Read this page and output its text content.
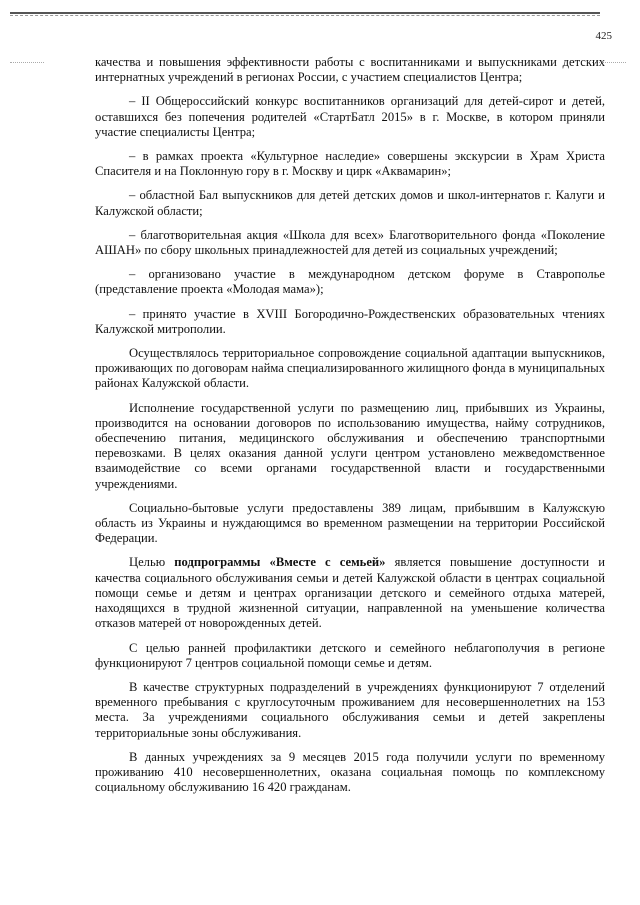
425

качества и повышения эффективности работы с воспитанниками и выпускниками детских интернатных учреждений в регионах России, с участием специалистов Центра;

– II Общероссийский конкурс воспитанников организаций для детей-сирот и детей, оставшихся без попечения родителей «СтартБатл 2015» в г. Москве, в котором приняли участие специалисты Центра;

– в рамках проекта «Культурное наследие» совершены экскурсии в Храм Христа Спасителя и на Поклонную гору в г. Москву и цирк «Аквамарин»;

– областной Бал выпускников для детей детских домов и школ-интернатов г. Калуги и Калужской области;

– благотворительная акция «Школа для всех» Благотворительного фонда «Поколение АШАН» по сбору школьных принадлежностей для детей из социальных учреждений;

– организовано участие в международном детском форуме в Ставрополье (представление проекта «Молодая мама»);

– принято участие в XVIII Богородично-Рождественских образовательных чтениях Калужской митрополии.

Осуществлялось территориальное сопровождение социальной адаптации выпускников, проживающих по договорам найма специализированного жилищного фонда в муниципальных районах Калужской области.

Исполнение государственной услуги по размещению лиц, прибывших из Украины, производится на основании договоров по использованию имущества, найму сотрудников, обеспечению питания, медицинского обслуживания и обеспечению транспортными перевозками. В целях оказания данной услуги центром установлено межведомственное взаимодействие со всеми органами государственной власти и государственными учреждениями.

Социально-бытовые услуги предоставлены 389 лицам, прибывшим в Калужскую область из Украины и нуждающимся во временном размещении на территории Российской Федерации.

Целью подпрограммы «Вместе с семьей» является повышение доступности и качества социального обслуживания семьи и детей Калужской области в центрах социальной помощи семье и детям и центрах организации детского и семейного отдыха матерей, находящихся в трудной жизненной ситуации, направленной на уменьшение количества отказов матерей от новорожденных детей.

С целью ранней профилактики детского и семейного неблагополучия в регионе функционируют 7 центров социальной помощи семье и детям.

В качестве структурных подразделений в учреждениях функционируют 7 отделений временного пребывания с круглосуточным проживанием для несовершеннолетних на 153 места. За учреждениями социального обслуживания семьи и детей закреплены территориальные зоны обслуживания.

В данных учреждениях за 9 месяцев 2015 года получили услуги по временному проживанию 410 несовершеннолетних, оказана социальная помощь по комплексному социальному обслуживанию 16 420 гражданам.
